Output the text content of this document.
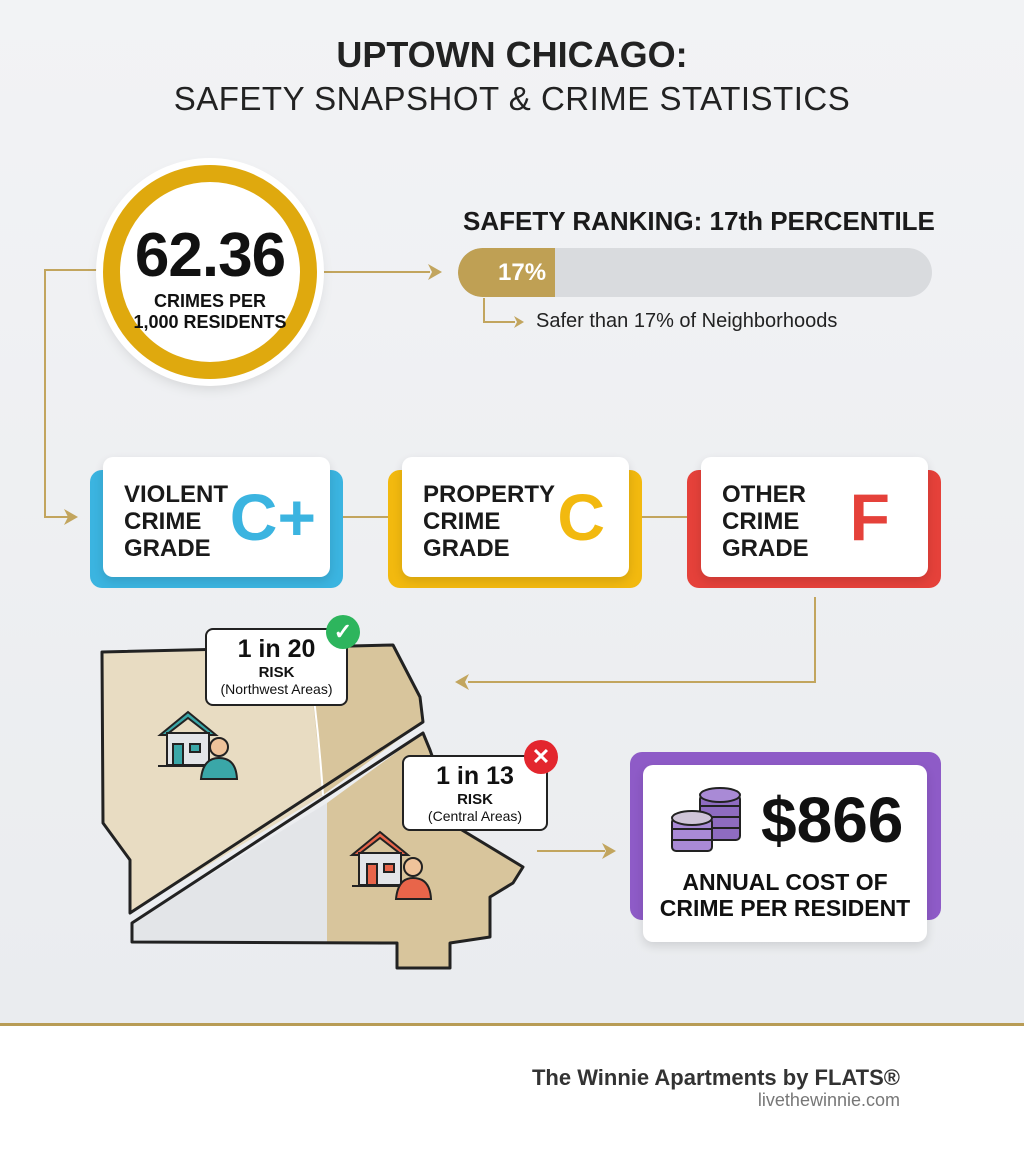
UPTOWN CHICAGO:
SAFETY SNAPSHOT & CRIME STATISTICS
62.36
CRIMES PER
1,000 RESIDENTS
SAFETY RANKING: 17th PERCENTILE
17%
Safer than 17% of Neighborhoods
VIOLENT
CRIME
GRADE C+	PROPERTY
CRIME
GRADE C	OTHER
CRIME
GRADE F
1 in 20
RISK
(Northwest Areas)
✓
1 in 13
RISK
(Central Areas)
✕
$866
ANNUAL COST OF
CRIME PER RESIDENT
The Winnie Apartments by FLATS®
livethewinnie.com
